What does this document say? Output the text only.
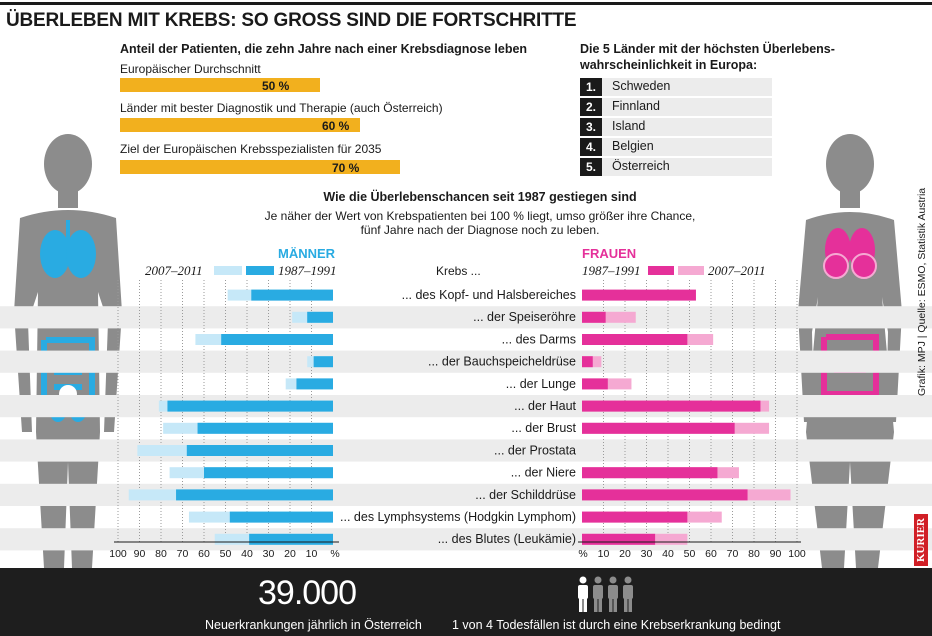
ÜBERLEBEN MIT KREBS: SO GROSS SIND DIE FORTSCHRITTE
Anteil der Patienten, die zehn Jahre nach einer Krebsdiagnose leben
Europäischer Durchschnitt
50 %
Länder mit bester Diagnostik und Therapie (auch Österreich)
60 %
Ziel der Europäischen Krebsspezialisten für 2035
70 %
Die 5 Länder mit der höchsten Überlebens-
wahrscheinlichkeit in Europa:
1.	Schweden
2.	Finnland
3.	Island
4.	Belgien
5.	Österreich
Wie die Überlebenschancen seit 1987 gestiegen sind
Je näher der Wert von Krebspatienten bei 100 % liegt, umso größer ihre Chance,
fünf Jahre nach der Diagnose noch zu leben.
MÄNNER
2007–2011	1987–1991	Krebs ...
FRAUEN
1987–1991	2007–2011
... des Kopf- und Halsbereiches
... der Speiseröhre
... des Darms
... der Bauchspeicheldrüse
... der Lunge
... der Haut
... der Brust
... der Prostata
... der Niere
... der Schilddrüse
... des Lymphsystems (Hodgkin Lymphom)
... des Blutes (Leukämie)
100 90 80 70 60 50 40 30 20 10 %	% 10 20 30 40 50 60 70 80 90 100
39.000
Neuerkrankungen jährlich in Österreich 1 von 4 Todesfällen ist durch eine Krebserkrankung bedingt
Grafik: MPJ | Quelle: ESMO, Statistik Austria
KURIER
